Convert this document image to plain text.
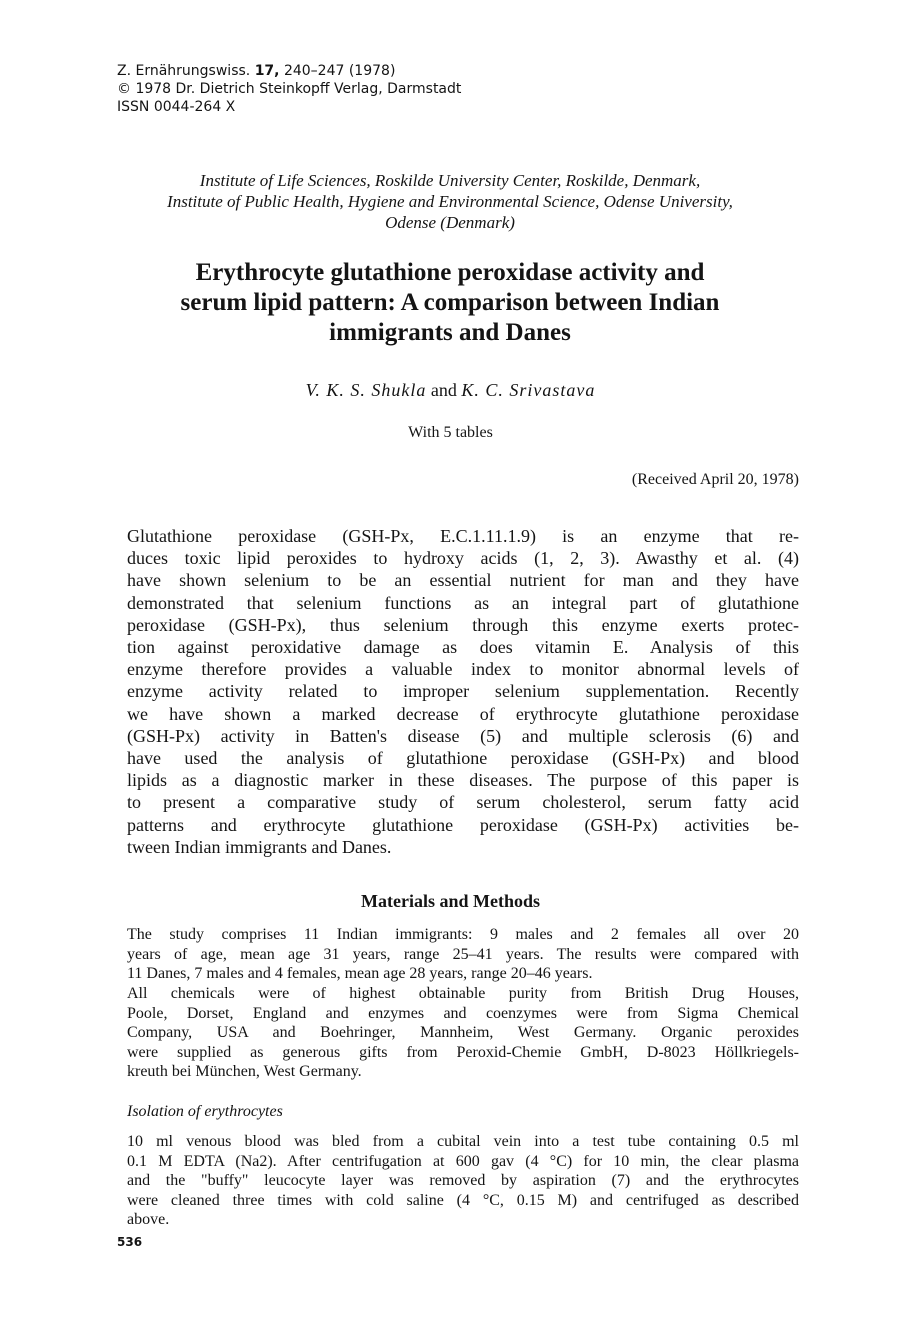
Z. Ernährungswiss. 17, 240–247 (1978)
© 1978 Dr. Dietrich Steinkopff Verlag, Darmstadt
ISSN 0044-264 X
Institute of Life Sciences, Roskilde University Center, Roskilde, Denmark,
Institute of Public Health, Hygiene and Environmental Science, Odense University,
Odense (Denmark)
Erythrocyte glutathione peroxidase activity and
serum lipid pattern: A comparison between Indian
immigrants and Danes
V. K. S. Shukla and K. C. Srivastava
With 5 tables
(Received April 20, 1978)
Glutathione peroxidase (GSH-Px, E.C.1.11.1.9) is an enzyme that re-
duces toxic lipid peroxides to hydroxy acids (1, 2, 3). Awasthy et al. (4)
have shown selenium to be an essential nutrient for man and they have
demonstrated that selenium functions as an integral part of glutathione
peroxidase (GSH-Px), thus selenium through this enzyme exerts protec-
tion against peroxidative damage as does vitamin E. Analysis of this
enzyme therefore provides a valuable index to monitor abnormal levels of
enzyme activity related to improper selenium supplementation. Recently
we have shown a marked decrease of erythrocyte glutathione peroxidase
(GSH-Px) activity in Batten's disease (5) and multiple sclerosis (6) and
have used the analysis of glutathione peroxidase (GSH-Px) and blood
lipids as a diagnostic marker in these diseases. The purpose of this paper is
to present a comparative study of serum cholesterol, serum fatty acid
patterns and erythrocyte glutathione peroxidase (GSH-Px) activities be-
tween Indian immigrants and Danes.
Materials and Methods
The study comprises 11 Indian immigrants: 9 males and 2 females all over 20
years of age, mean age 31 years, range 25–41 years. The results were compared with
11 Danes, 7 males and 4 females, mean age 28 years, range 20–46 years.
All chemicals were of highest obtainable purity from British Drug Houses,
Poole, Dorset, England and enzymes and coenzymes were from Sigma Chemical
Company, USA and Boehringer, Mannheim, West Germany. Organic peroxides
were supplied as generous gifts from Peroxid-Chemie GmbH, D-8023 Höllkriegels-
kreuth bei München, West Germany.
Isolation of erythrocytes
10 ml venous blood was bled from a cubital vein into a test tube containing 0.5 ml
0.1 M EDTA (Na2). After centrifugation at 600 gav (4 °C) for 10 min, the clear plasma
and the "buffy" leucocyte layer was removed by aspiration (7) and the erythrocytes
were cleaned three times with cold saline (4 °C, 0.15 M) and centrifuged as described
above.
536
